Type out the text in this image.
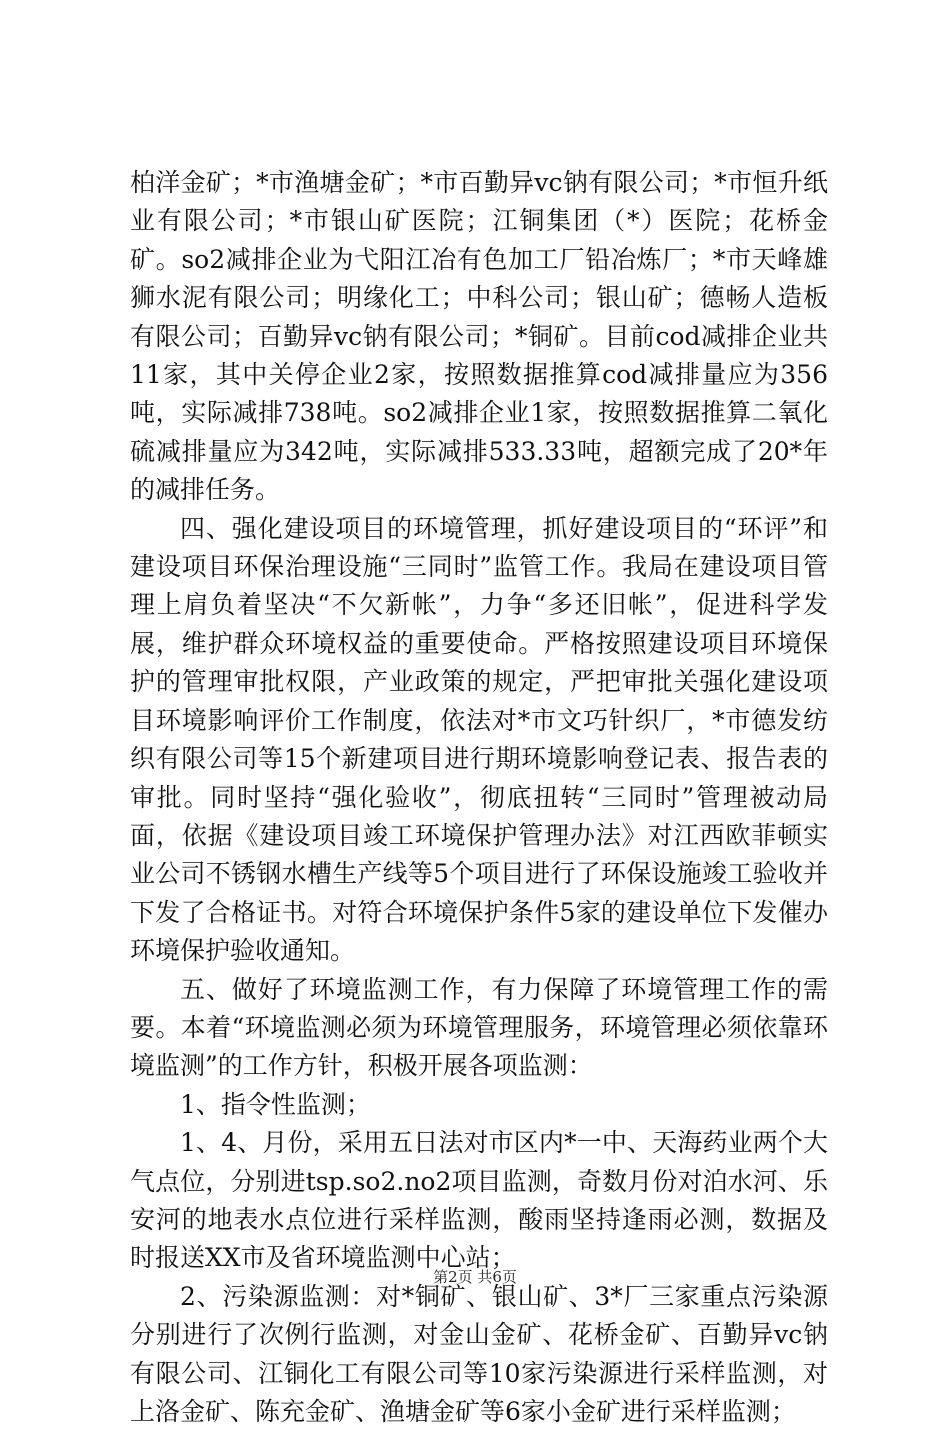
柏洋金矿；*市渔塘金矿；*市百勤异vc钠有限公司；*市恒升纸业有限公司；*市银山矿医院；江铜集团（*）医院；花桥金矿。so2减排企业为弋阳江冶有色加工厂铅冶炼厂；*市天峰雄狮水泥有限公司；明缘化工；中科公司；银山矿；德畅人造板有限公司；百勤异vc钠有限公司；*铜矿。目前cod减排企业共11家，其中关停企业2家，按照数据推算cod减排量应为356吨，实际减排738吨。so2减排企业1家，按照数据推算二氧化硫减排量应为342吨，实际减排533.33吨，超额完成了20*年的减排任务。

四、强化建设项目的环境管理，抓好建设项目的“环评”和建设项目环保治理设施“三同时”监管工作。我局在建设项目管理上肩负着坚决“不欠新帐”，力争“多还旧帐”，促进科学发展，维护群众环境权益的重要使命。严格按照建设项目环境保护的管理审批权限，产业政策的规定，严把审批关强化建设项目环境影响评价工作制度，依法对*市文巧针织厂，*市德发纺织有限公司等15个新建项目进行期环境影响登记表、报告表的审批。同时坚持“强化验收”，彻底扭转“三同时”管理被动局面，依据《建设项目竣工环境保护管理办法》对江西欧菲顿实业公司不锈钢水槽生产线等5个项目进行了环保设施竣工验收并下发了合格证书。对符合环境保护条件5家的建设单位下发催办环境保护验收通知。

五、做好了环境监测工作，有力保障了环境管理工作的需要。本着“环境监测必须为环境管理服务，环境管理必须依靠环境监测”的工作方针，积极开展各项监测：

1、指令性监测；

1、4、月份，采用五日法对市区内*一中、天海药业两个大气点位，分别进tsp.so2.no2项目监测，奇数月份对泊水河、乐安河的地表水点位进行采样监测，酸雨坚持逢雨必测，数据及时报送XX市及省环境监测中心站；

2、污染源监测：对*铜矿、银山矿、3*厂三家重点污染源分别进行了次例行监测，对金山金矿、花桥金矿、百勤异vc钠有限公司、江铜化工有限公司等10家污染源进行采样监测，对上洛金矿、陈充金矿、渔塘金矿等6家小金矿进行采样监测；

第2页 共6页
